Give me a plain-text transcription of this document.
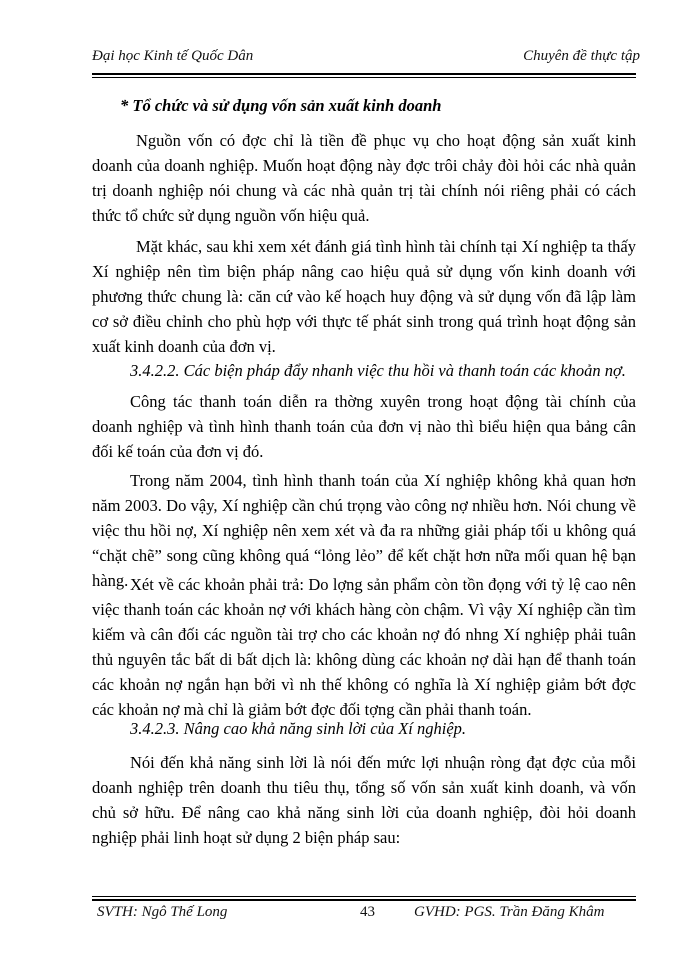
Đại học Kinh tế Quốc Dân	Chuyên đề thực tập
* Tổ chức và sử dụng vốn sản xuất kinh doanh
Nguồn vốn có đợc chỉ là tiền đề phục vụ cho hoạt động sản xuất kinh doanh của doanh nghiệp. Muốn hoạt động này đợc trôi chảy đòi hỏi các nhà quản trị doanh nghiệp nói chung và các nhà quản trị tài chính nói riêng phải có cách thức tổ chức sử dụng nguồn vốn hiệu quả.
Mặt khác, sau khi xem xét đánh giá tình hình tài chính tại Xí nghiệp ta thấy Xí nghiệp nên tìm biện pháp nâng cao hiệu quả sử dụng vốn kinh doanh với phương thức chung là: căn cứ vào kế hoạch huy động và sử dụng vốn đã lập làm cơ sở điều chỉnh cho phù hợp với thực tế phát sinh trong quá trình hoạt động sản xuất kinh doanh của đơn vị.
3.4.2.2. Các biện pháp đẩy nhanh việc thu hồi và thanh toán các khoản nợ.
Công tác thanh toán diễn ra thờng xuyên trong hoạt động tài chính của doanh nghiệp và tình hình thanh toán của đơn vị nào thì biểu hiện qua bảng cân đối kế toán của đơn vị đó.
Trong năm 2004, tình hình thanh toán của Xí nghiệp không khả quan hơn năm 2003. Do vậy, Xí nghiệp cần chú trọng vào công nợ nhiều hơn. Nói chung về việc thu hồi nợ, Xí nghiệp nên xem xét và đa ra những giải pháp tối u không quá “chặt chẽ” song cũng không quá “lỏng lẻo” để kết chặt hơn nữa mối quan hệ bạn hàng. Xét về các khoản phải trả: Do lợng sản phẩm còn tồn đọng với tỷ lệ cao nên việc thanh toán các khoản nợ với khách hàng còn chậm. Vì vậy Xí nghiệp cần tìm kiếm và cân đối các nguồn tài trợ cho các khoản nợ đó nhng Xí nghiệp phải tuân thủ nguyên tắc bất di bất dịch là: không dùng các khoản nợ dài hạn để thanh toán các khoản nợ ngắn hạn bởi vì nh thế không có nghĩa là Xí nghiệp giảm bớt đợc các khoản nợ mà chỉ là giảm bớt đợc đối tợng cần phải thanh toán.
3.4.2.3. Nâng cao khả năng sinh lời của Xí nghiệp.
Nói đến khả năng sinh lời là nói đến mức lợi nhuận ròng đạt đợc của mỗi doanh nghiệp trên doanh thu tiêu thụ, tổng số vốn sản xuất kinh doanh, và vốn chủ sở hữu. Để nâng cao khả năng sinh lời của doanh nghiệp, đòi hỏi doanh nghiệp phải linh hoạt sử dụng 2 biện pháp sau:
SVTH: Ngô Thế Long	43	GVHD: PGS. Trần Đăng Khâm
